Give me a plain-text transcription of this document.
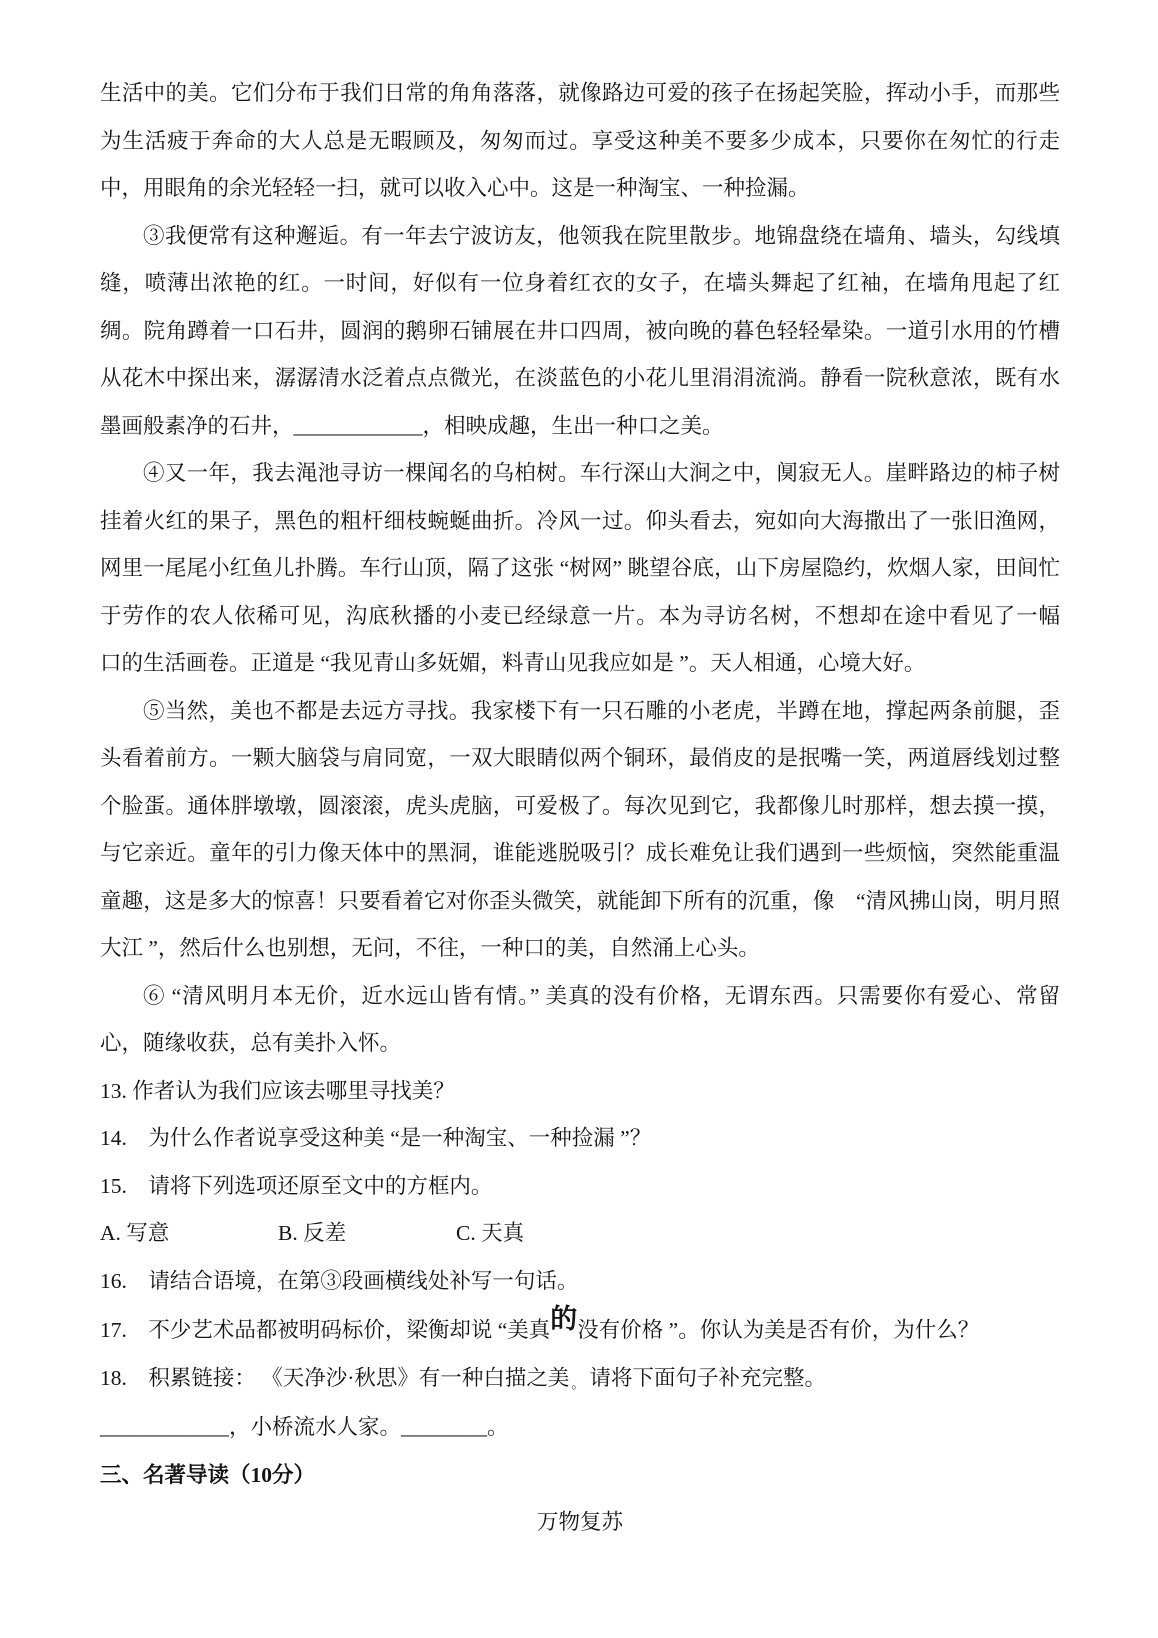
生活中的美。它们分布于我们日常的角角落落，就像路边可爱的孩子在扬起笑脸，挥动小手，而那些为生活疲于奔命的大人总是无暇顾及，匆匆而过。享受这种美不要多少成本，只要你在匆忙的行走中，用眼角的余光轻轻一扫，就可以收入心中。这是一种淘宝、一种捡漏。

③我便常有这种邂逅。有一年去宁波访友，他领我在院里散步。地锦盘绕在墙角、墙头，勾线填缝，喷薄出浓艳的红。一时间，好似有一位身着红衣的女子，在墙头舞起了红袖，在墙角甩起了红绸。院角蹲着一口石井，圆润的鹅卵石铺展在井口四周，被向晚的暮色轻轻晕染。一道引水用的竹槽从花木中探出来，潺潺清水泛着点点微光，在淡蓝色的小花儿里涓涓流淌。静看一院秋意浓，既有水墨画般素净的石井，____________，相映成趣，生出一种口之美。

④又一年，我去渑池寻访一棵闻名的乌柏树。车行深山大涧之中，阒寂无人。崖畔路边的柿子树挂着火红的果子，黑色的粗杆细枝蜿蜒曲折。冷风一过。仰头看去，宛如向大海撒出了一张旧渔网，网里一尾尾小红鱼儿扑腾。车行山顶，隔了这张 “树网” 眺望谷底，山下房屋隐约，炊烟人家，田间忙于劳作的农人依稀可见，沟底秋播的小麦已经绿意一片。本为寻访名树，不想却在途中看见了一幅　口的生活画卷。正道是 “我见青山多妩媚，料青山见我应如是 ”。天人相通，心境大好。

⑤当然，美也不都是去远方寻找。我家楼下有一只石雕的小老虎，半蹲在地，撑起两条前腿，歪头看着前方。一颗大脑袋与肩同宽，一双大眼睛似两个铜环，最俏皮的是抿嘴一笑，两道唇线划过整个脸蛋。通体胖墩墩，圆滚滚，虎头虎脑，可爱极了。每次见到它，我都像儿时那样，想去摸一摸，与它亲近。童年的引力像天体中的黑洞，谁能逃脱吸引？成长难免让我们遇到一些烦恼，突然能重温童趣，这是多大的惊喜！只要看着它对你歪头微笑，就能卸下所有的沉重，像　“清风拂山岗，明月照大江 ”，然后什么也别想，无问，不往，一种口的美，自然涌上心头。

⑥ “清风明月本无价，近水远山皆有情。” 美真的没有价格，无谓东西。只需要你有爱心、常留心，随缘收获，总有美扑入怀。

13. 作者认为我们应该去哪里寻找美？

14.　为什么作者说享受这种美 “是一种淘宝、一种捡漏 ”？

15.　请将下列选项还原至文中的方框内。

A. 写意	B. 反差	C. 天真

16.　请结合语境，在第③段画横线处补写一句话。

17.　不少艺术品都被明码标价，梁衡却说 “美真的没有价格 ”。你认为美是否有价，为什么？

18.　积累链接： 《天净沙·秋思》有一种白描之美 。 请将下面句子补充完整。

____________，小桥流水人家。________。

三、名著导读（10分）

万物复苏
